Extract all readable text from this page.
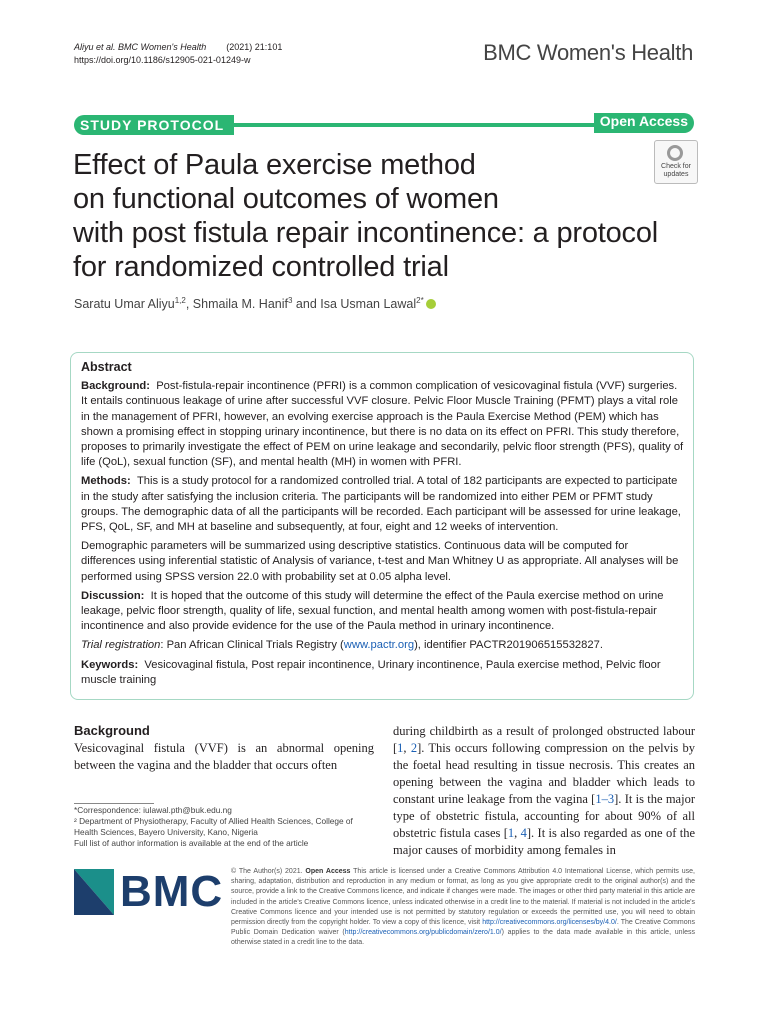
Aliyu et al. BMC Women's Health (2021) 21:101
https://doi.org/10.1186/s12905-021-01249-w	BMC Women's Health
STUDY PROTOCOL	Open Access
Effect of Paula exercise method
on functional outcomes of women
with post fistula repair incontinence: a protocol
for randomized controlled trial
Check for
updates
Saratu Umar Aliyu$^{1,2}$, Shmaila M. Hanif$^3$ and Isa Usman Lawal$^{2*}$

Abstract

Background: Post-fistula-repair incontinence (PFRI) is a common complication of vesicovaginal fistula (VVF) surgeries. It entails continuous leakage of urine after successful VVF closure. Pelvic Floor Muscle Training (PFMT) plays a vital role in the management of PFRI, however, an evolving exercise approach is the Paula Exercise Method (PEM) which has shown a promising effect in stopping urinary incontinence, but there is no data on its effect on PFRI. This study therefore, proposes to primarily investigate the effect of PEM on urine leakage and secondarily, pelvic floor strength (PFS), quality of life (QoL), sexual function (SF), and mental health (MH) in women with PFRI.

Methods: This is a study protocol for a randomized controlled trial. A total of 182 participants are expected to participate in the study after satisfying the inclusion criteria. The participants will be randomized into either PEM or PFMT study groups. The demographic data of all the participants will be recorded. Each participant will be assessed for urine leakage, PFS, QoL, SF, and MH at baseline and subsequently, at four, eight and 12 weeks of intervention.

Demographic parameters will be summarized using descriptive statistics. Continuous data will be computed for differences using inferential statistic of Analysis of variance, t-test and Man Whitney U as appropriate. All analyses will be performed using SPSS version 22.0 with probability set at 0.05 alpha level.

Discussion: It is hoped that the outcome of this study will determine the effect of the Paula exercise method on urine leakage, pelvic floor strength, quality of life, sexual function, and mental health among women with post-fistula-repair incontinence and also provide evidence for the use of the Paula method in urinary incontinence.

Trial registration: Pan African Clinical Trials Registry (www.pactr.org), identifier PACTR201906515532827.

Keywords: Vesicovaginal fistula, Post repair incontinence, Urinary incontinence, Paula exercise method, Pelvic floor muscle training

Background
Vesicovaginal fistula (VVF) is an abnormal opening between the vagina and the bladder that occurs often
during childbirth as a result of prolonged obstructed labour [1, 2]. This occurs following compression on the pelvis by the foetal head resulting in tissue necrosis. This creates an opening between the vagina and bladder which leads to constant urine leakage from the vagina [1–3]. It is the major type of obstetric fistula, accounting for about 90% of all obstetric fistula cases [1, 4]. It is also regarded as one of the major causes of morbidity among females in

*Correspondence: iulawal.pth@buk.edu.ng

² Department of Physiotherapy, Faculty of Allied Health Sciences, College of Health Sciences, Bayero University, Kano, Nigeria

Full list of author information is available at the end of the article

BMC © The Author(s) 2021. Open Access This article is licensed under a Creative Commons Attribution 4.0 International License, which permits use, sharing, adaptation, distribution and reproduction in any medium or format, as long as you give appropriate credit to the original author(s) and the source, provide a link to the Creative Commons licence, and indicate if changes were made. The images or other third party material in this article are included in the article's Creative Commons licence, unless indicated otherwise in a credit line to the material. If material is not included in the article's Creative Commons licence and your intended use is not permitted by statutory regulation or exceeds the permitted use, you will need to obtain permission directly from the copyright holder. To view a copy of this licence, visit http://creativecommons.org/licenses/by/4.0/. The Creative Commons Public Domain Dedication waiver (http://creativecommons.org/publicdomain/zero/1.0/) applies to the data made available in this article, unless otherwise stated in a credit line to the data.
